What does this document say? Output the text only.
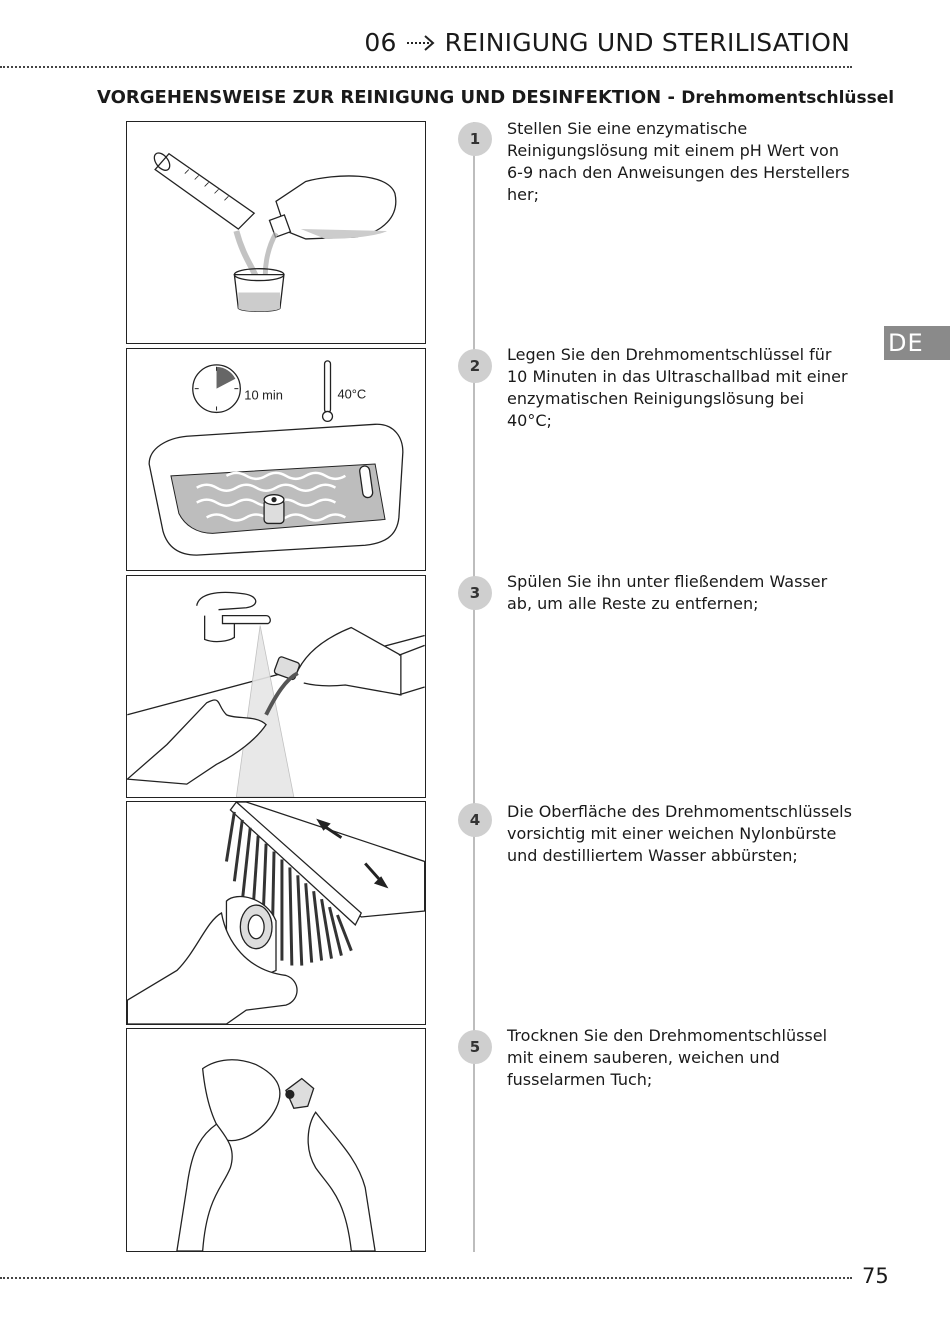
06 REINIGUNG UND STERILISATION
VORGEHENSWEISE ZUR REINIGUNG UND DESINFEKTION - Drehmomentschlüssel
DE
10 min	40°C
1
Stellen Sie eine enzymatische Reinigungslösung mit einem pH Wert von 6-9 nach den Anweisungen des Herstellers her;
2
Legen Sie den Drehmomentschlüssel für 10 Minuten in das Ultraschallbad mit einer enzymatischen Reinigungslösung bei 40°C;
3
Spülen Sie ihn unter fließendem Wasser ab, um alle Reste zu entfernen;
4	Die Oberfläche des Drehmomentschlüssels vorsichtig mit einer weichen Nylonbürste und destilliertem Wasser abbürsten;
5
Trocknen Sie den Drehmomentschlüssel mit einem sauberen, weichen und fusselarmen Tuch;
75
